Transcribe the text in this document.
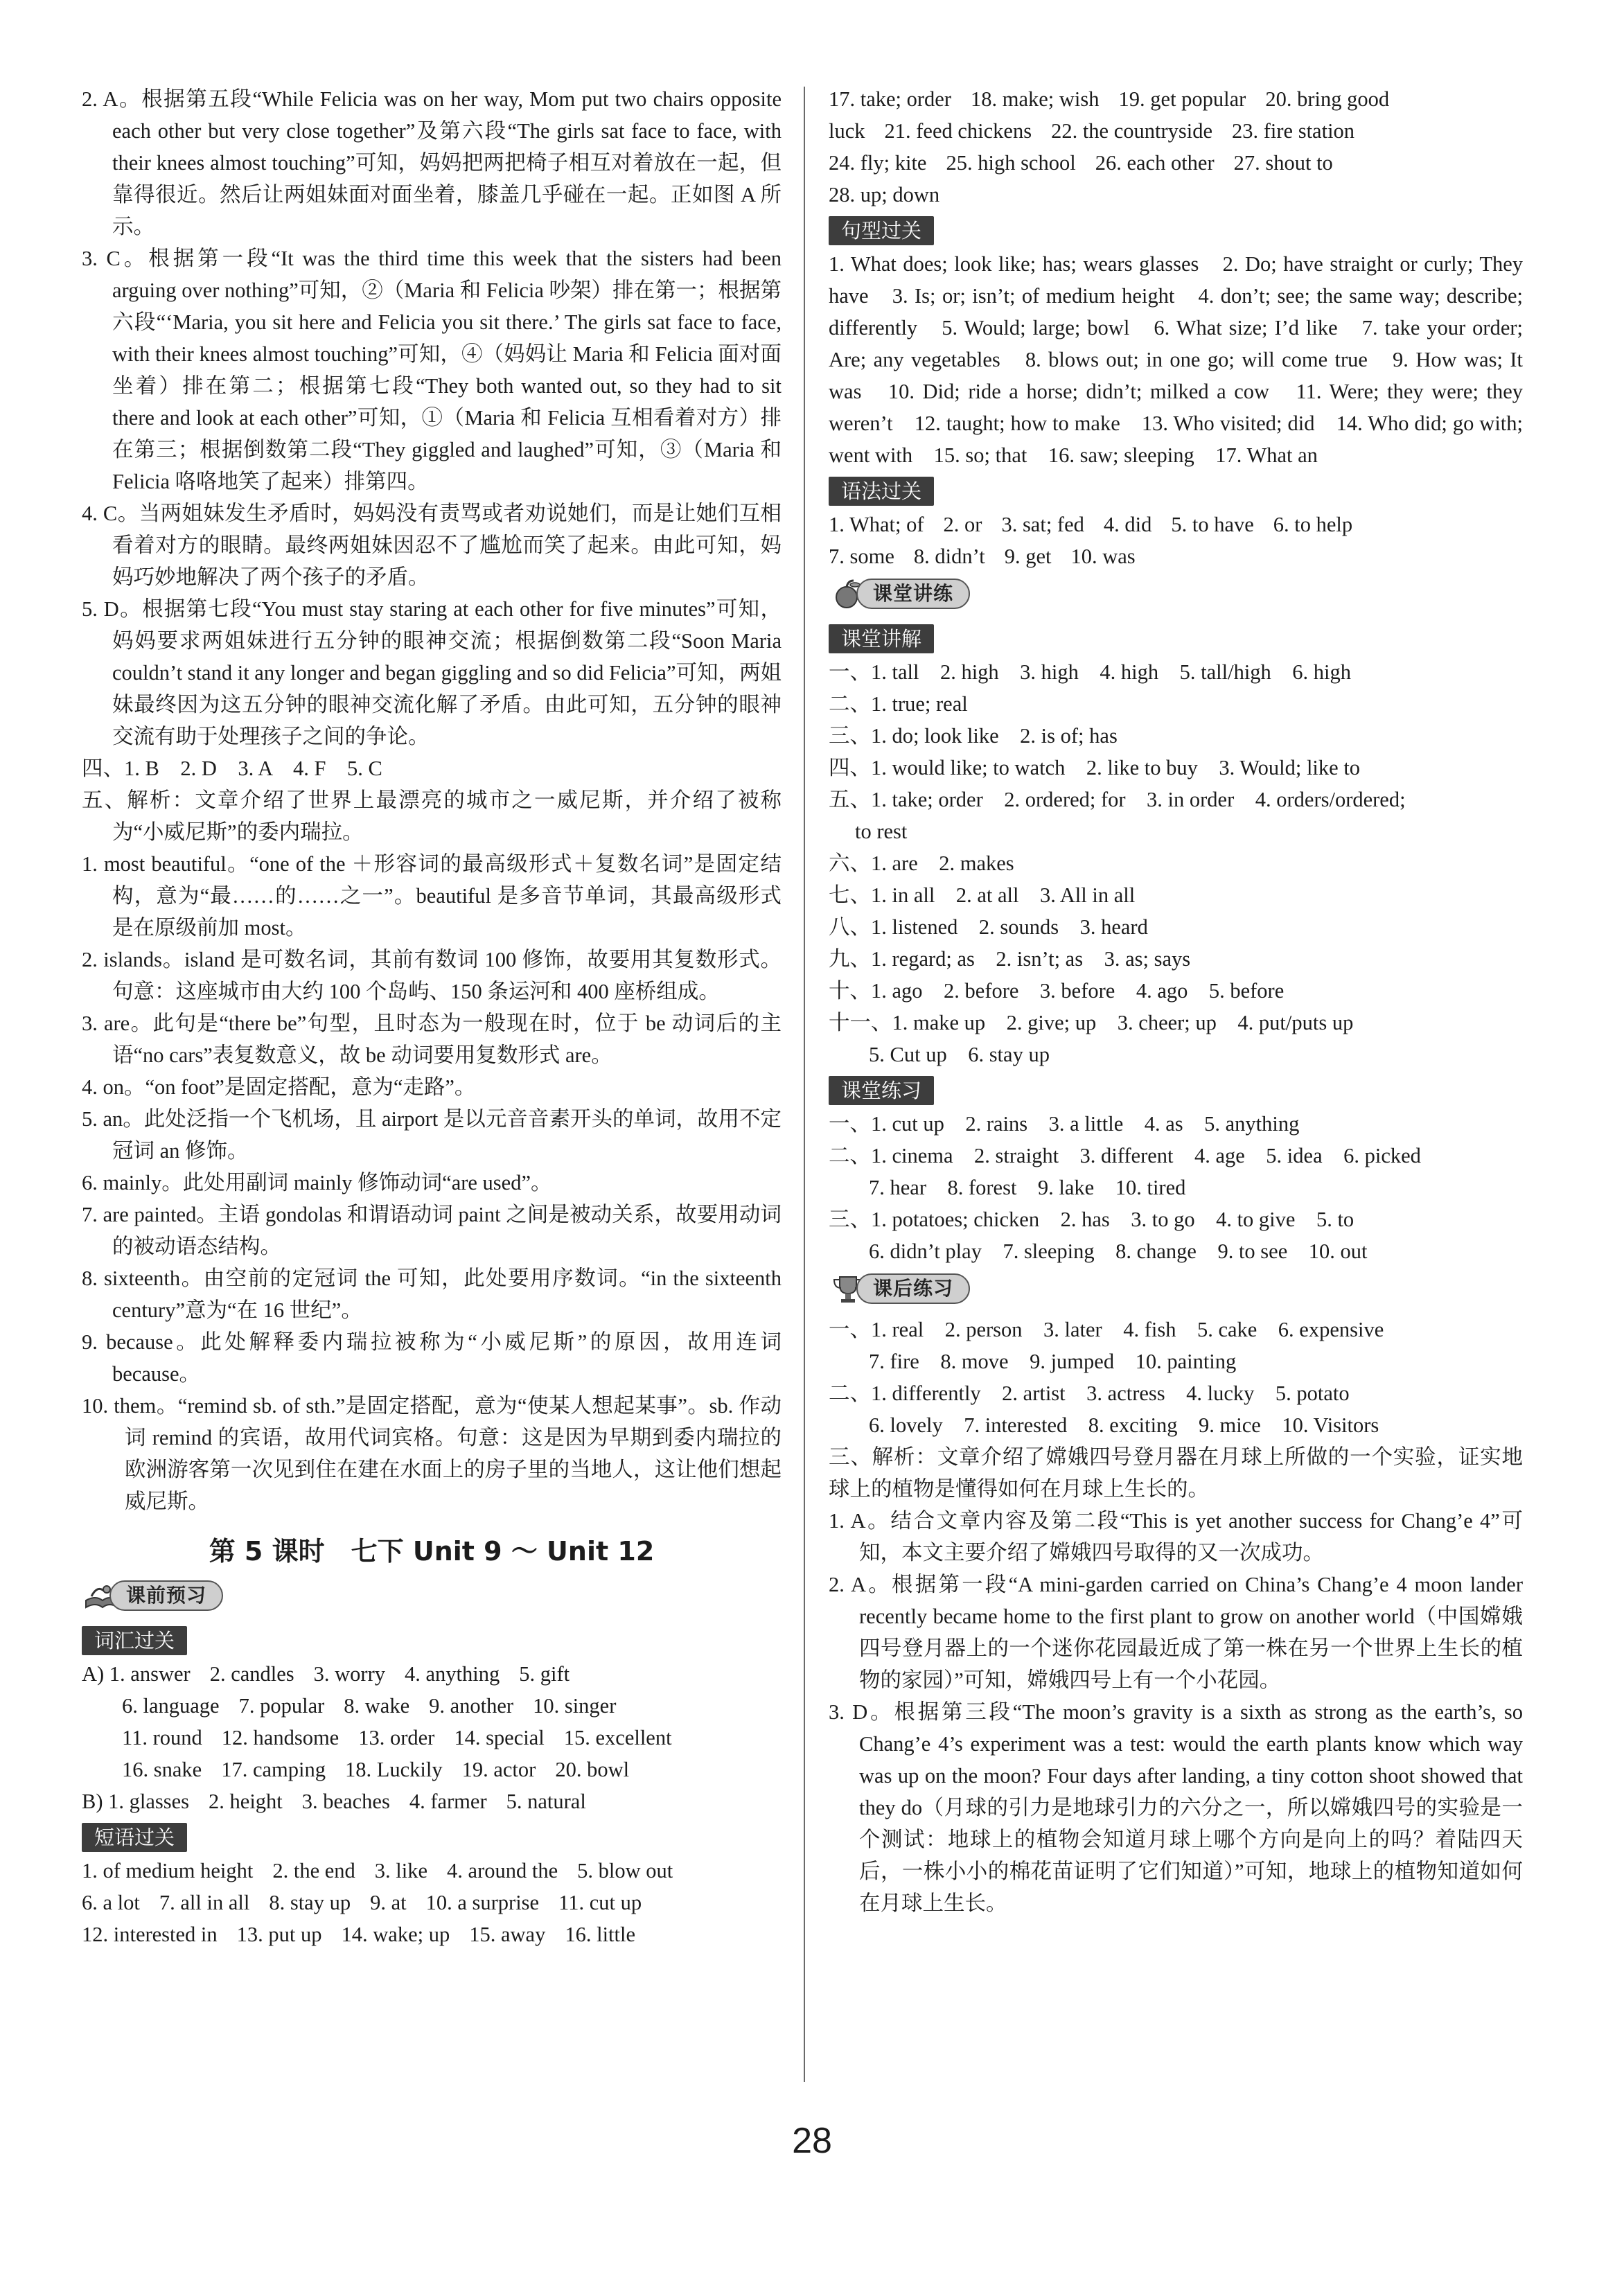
2. A。根据第五段“While Felicia was on her way, Mom put two chairs opposite each other but very close together”及第六段“The girls sat face to face, with their knees almost touching”可知，妈妈把两把椅子相互对着放在一起，但靠得很近。然后让两姐妹面对面坐着，膝盖几乎碰在一起。正如图 A 所示。

3. C。根据第一段“It was the third time this week that the sisters had been arguing over nothing”可知，②（Maria 和 Felicia 吵架）排在第一；根据第六段“‘Maria, you sit here and Felicia you sit there.’ The girls sat face to face, with their knees almost touching”可知，④（妈妈让 Maria 和 Felicia 面对面坐着）排在第二；根据第七段“They both wanted out, so they had to sit there and look at each other”可知，①（Maria 和 Felicia 互相看着对方）排在第三；根据倒数第二段“They giggled and laughed”可知，③（Maria 和 Felicia 咯咯地笑了起来）排第四。

4. C。当两姐妹发生矛盾时，妈妈没有责骂或者劝说她们，而是让她们互相看着对方的眼睛。最终两姐妹因忍不了尴尬而笑了起来。由此可知，妈妈巧妙地解决了两个孩子的矛盾。

5. D。根据第七段“You must stay staring at each other for five minutes”可知，妈妈要求两姐妹进行五分钟的眼神交流；根据倒数第二段“Soon Maria couldn’t stand it any longer and began giggling and so did Felicia”可知，两姐妹最终因为这五分钟的眼神交流化解了矛盾。由此可知，五分钟的眼神交流有助于处理孩子之间的争论。

四、1. B　2. D　3. A　4. F　5. C

五、解析：文章介绍了世界上最漂亮的城市之一威尼斯，并介绍了被称为“小威尼斯”的委内瑞拉。

1. most beautiful。“one of the ＋形容词的最高级形式＋复数名词”是固定结构，意为“最……的……之一”。beautiful 是多音节单词，其最高级形式是在原级前加 most。

2. islands。island 是可数名词，其前有数词 100 修饰，故要用其复数形式。句意：这座城市由大约 100 个岛屿、150 条运河和 400 座桥组成。

3. are。此句是“there be”句型，且时态为一般现在时，位于 be 动词后的主语“no cars”表复数意义，故 be 动词要用复数形式 are。

4. on。“on foot”是固定搭配，意为“走路”。

5. an。此处泛指一个飞机场，且 airport 是以元音音素开头的单词，故用不定冠词 an 修饰。

6. mainly。此处用副词 mainly 修饰动词“are used”。

7. are painted。主语 gondolas 和谓语动词 paint 之间是被动关系，故要用动词的被动语态结构。

8. sixteenth。由空前的定冠词 the 可知，此处要用序数词。“in the sixteenth century”意为“在 16 世纪”。

9. because。此处解释委内瑞拉被称为“小威尼斯”的原因，故用连词 because。

10. them。“remind sb. of sth.”是固定搭配，意为“使某人想起某事”。sb. 作动词 remind 的宾语，故用代词宾格。句意：这是因为早期到委内瑞拉的欧洲游客第一次见到住在建在水面上的房子里的当地人，这让他们想起威尼斯。

第 5 课时　七下 Unit 9 ～ Unit 12
课前预习
词汇过关
A) 1. answer 2. candles 3. worry 4. anything 5. gift
6. language 7. popular 8. wake 9. another 10. singer
11. round 12. handsome 13. order 14. special 15. excellent
16. snake 17. camping 18. Luckily 19. actor 20. bowl
B) 1. glasses 2. height 3. beaches 4. farmer 5. natural
短语过关
1. of medium height 2. the end 3. like 4. around the 5. blow out
6. a lot 7. all in all 8. stay up 9. at 10. a surprise 11. cut up
12. interested in 13. put up 14. wake; up 15. away 16. little
17. take; order 18. make; wish 19. get popular 20. bring good
luck 21. feed chickens 22. the countryside 23. fire station
24. fly; kite 25. high school 26. each other 27. shout to
28. up; down
句型过关

1. What does; look like; has; wears glasses　2. Do; have straight or curly; They have　3. Is; or; isn’t; of medium height　4. don’t; see; the same way; describe; differently　5. Would; large; bowl　6. What size; I’d like　7. take your order; Are; any vegetables　8. blows out; in one go; will come true　9. How was; It was　10. Did; ride a horse; didn’t; milked a cow　11. Were; they were; they weren’t　12. taught; how to make　13. Who visited; did　14. Who did; go with; went with　15. so; that　16. saw; sleeping　17. What an

语法过关
1. What; of 2. or 3. sat; fed 4. did 5. to have 6. to help
7. some 8. didn’t 9. get 10. was
课堂讲练
课堂讲解

一、1. tall　2. high　3. high　4. high　5. tall/high　6. high

二、1. true; real

三、1. do; look like　2. is of; has

四、1. would like; to watch　2. like to buy　3. Would; like to

五、1. take; order　2. ordered; for　3. in order　4. orders/ordered;

to rest

六、1. are　2. makes

七、1. in all　2. at all　3. All in all

八、1. listened　2. sounds　3. heard

九、1. regard; as　2. isn’t; as　3. as; says

十、1. ago　2. before　3. before　4. ago　5. before

十一、1. make up　2. give; up　3. cheer; up　4. put/puts up

5. Cut up　6. stay up

课堂练习

一、1. cut up　2. rains　3. a little　4. as　5. anything

二、1. cinema　2. straight　3. different　4. age　5. idea　6. picked

7. hear　8. forest　9. lake　10. tired

三、1. potatoes; chicken　2. has　3. to go　4. to give　5. to

6. didn’t play　7. sleeping　8. change　9. to see　10. out

课后练习

一、1. real　2. person　3. later　4. fish　5. cake　6. expensive

7. fire　8. move　9. jumped　10. painting

二、1. differently　2. artist　3. actress　4. lucky　5. potato

6. lovely　7. interested　8. exciting　9. mice　10. Visitors

三、解析：文章介绍了嫦娥四号登月器在月球上所做的一个实验，证实地球上的植物是懂得如何在月球上生长的。

1. A。结合文章内容及第二段“This is yet another success for Chang’e 4”可知，本文主要介绍了嫦娥四号取得的又一次成功。

2. A。根据第一段“A mini-garden carried on China’s Chang’e 4 moon lander recently became home to the first plant to grow on another world（中国嫦娥四号登月器上的一个迷你花园最近成了第一株在另一个世界上生长的植物的家园）”可知，嫦娥四号上有一个小花园。

3. D。根据第三段“The moon’s gravity is a sixth as strong as the earth’s, so Chang’e 4’s experiment was a test: would the earth plants know which way was up on the moon? Four days after landing, a tiny cotton shoot showed that they do（月球的引力是地球引力的六分之一，所以嫦娥四号的实验是一个测试：地球上的植物会知道月球上哪个方向是向上的吗？着陆四天后，一株小小的棉花苗证明了它们知道）”可知，地球上的植物知道如何在月球上生长。

28
